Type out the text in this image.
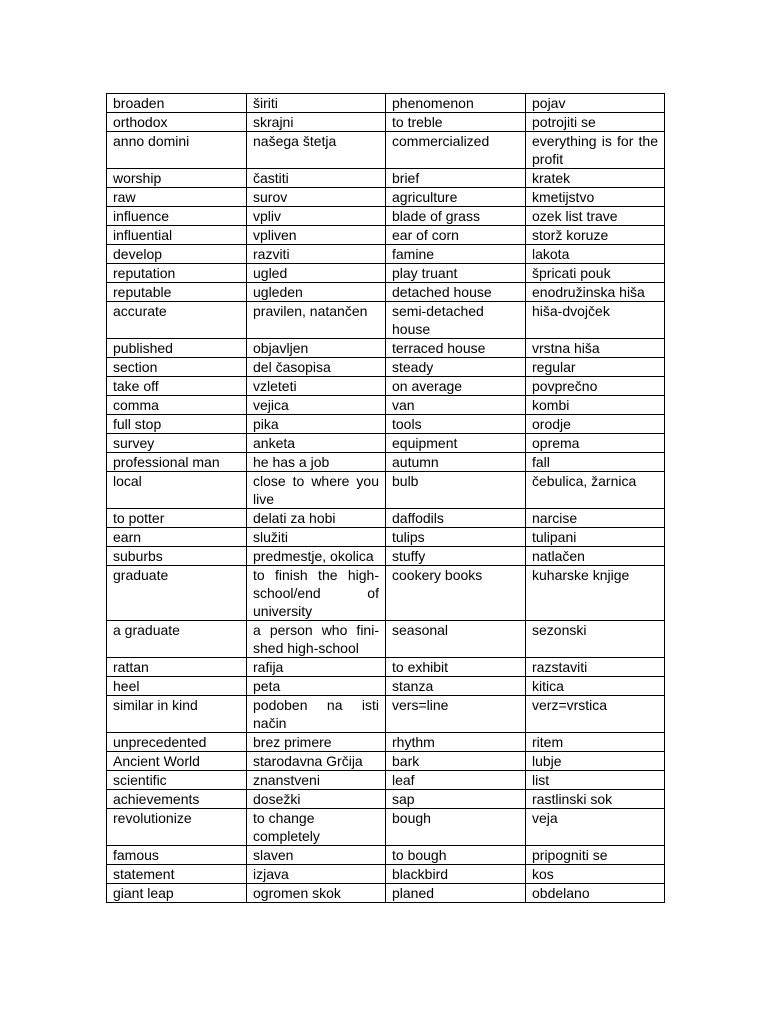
broaden	širiti	phenomenon	pojav
orthodox	skrajni	to treble	potrojiti se
anno domini	našega štetja	commercialized	everything is for the profit
worship	častiti	brief	kratek
raw	surov	agriculture	kmetijstvo
influence	vpliv	blade of grass	ozek list trave
influential	vpliven	ear of corn	storž koruze
develop	razviti	famine	lakota
reputation	ugled	play truant	špricati pouk
reputable	ugleden	detached house	enodružinska hiša
accurate	pravilen, natančen	semi-detached house	hiša-dvojček
published	objavljen	terraced house	vrstna hiša
section	del časopisa	steady	regular
take off	vzleteti	on average	povprečno
comma	vejica	van	kombi
full stop	pika	tools	orodje
survey	anketa	equipment	oprema
professional man	he has a job	autumn	fall
local	close to where you live	bulb	čebulica, žarnica
to potter	delati za hobi	daffodils	narcise
earn	služiti	tulips	tulipani
suburbs	predmestje, okolica	stuffy	natlačen
graduate	to finish the high-school/end of university	cookery books	kuharske knjige
a graduate	a person who fini-shed high-school	seasonal	sezonski
rattan	rafija	to exhibit	razstaviti
heel	peta	stanza	kitica
similar in kind	podoben na isti način	vers=line	verz=vrstica
unprecedented	brez primere	rhythm	ritem
Ancient World	starodavna Grčija	bark	lubje
scientific	znanstveni	leaf	list
achievements	dosežki	sap	rastlinski sok
revolutionize	to change completely	bough	veja
famous	slaven	to bough	pripogniti se
statement	izjava	blackbird	kos
giant leap	ogromen skok	planed	obdelano
